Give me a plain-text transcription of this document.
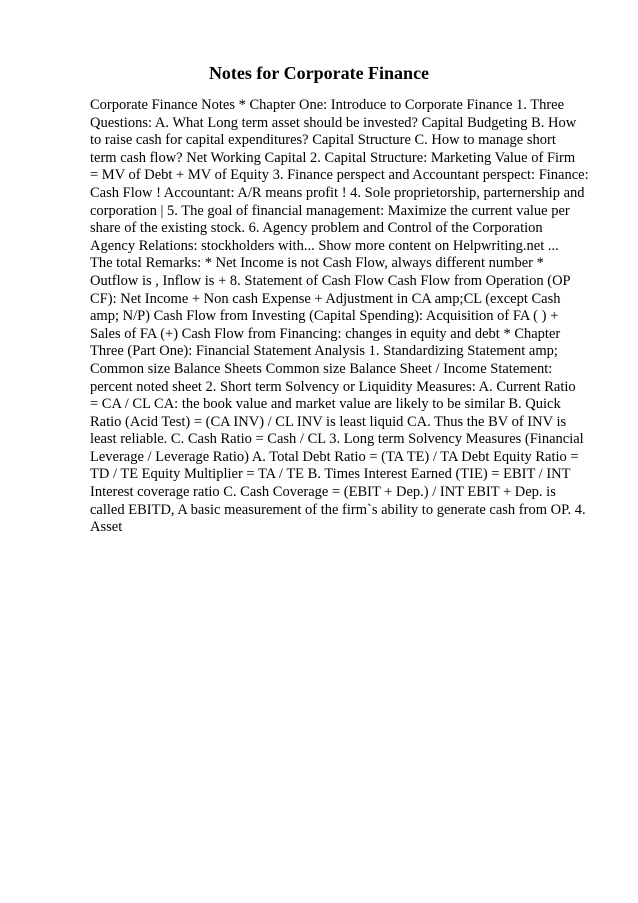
Notes for Corporate Finance
Corporate Finance Notes * Chapter One: Introduce to Corporate Finance 1. Three
Questions: A. What Long term asset should be invested? Capital Budgeting B. How
to raise cash for capital expenditures? Capital Structure C. How to manage short
term cash flow? Net Working Capital 2. Capital Structure: Marketing Value of Firm
= MV of Debt + MV of Equity 3. Finance perspect and Accountant perspect: Finance:
Cash Flow ! Accountant: A/R means profit ! 4. Sole proprietorship, parternership and
corporation | 5. The goal of financial management: Maximize the current value per
share of the existing stock. 6. Agency problem and Control of the Corporation
Agency Relations: stockholders with... Show more content on Helpwriting.net ...
The total Remarks: * Net Income is not Cash Flow, always different number *
Outflow is , Inflow is + 8. Statement of Cash Flow Cash Flow from Operation (OP
CF): Net Income + Non cash Expense + Adjustment in CA amp;CL (except Cash
amp; N/P) Cash Flow from Investing (Capital Spending): Acquisition of FA ( ) +
Sales of FA (+) Cash Flow from Financing: changes in equity and debt * Chapter
Three (Part One): Financial Statement Analysis 1. Standardizing Statement amp;
Common size Balance Sheets Common size Balance Sheet / Income Statement:
percent noted sheet 2. Short term Solvency or Liquidity Measures: A. Current Ratio
= CA / CL CA: the book value and market value are likely to be similar B. Quick
Ratio (Acid Test) = (CA INV) / CL INV is least liquid CA. Thus the BV of INV is
least reliable. C. Cash Ratio = Cash / CL 3. Long term Solvency Measures (Financial
Leverage / Leverage Ratio) A. Total Debt Ratio = (TA TE) / TA Debt Equity Ratio =
TD / TE Equity Multiplier = TA / TE B. Times Interest Earned (TIE) = EBIT / INT
Interest coverage ratio C. Cash Coverage = (EBIT + Dep.) / INT EBIT + Dep. is
called EBITD, A basic measurement of the firm`s ability to generate cash from OP. 4.
Asset
